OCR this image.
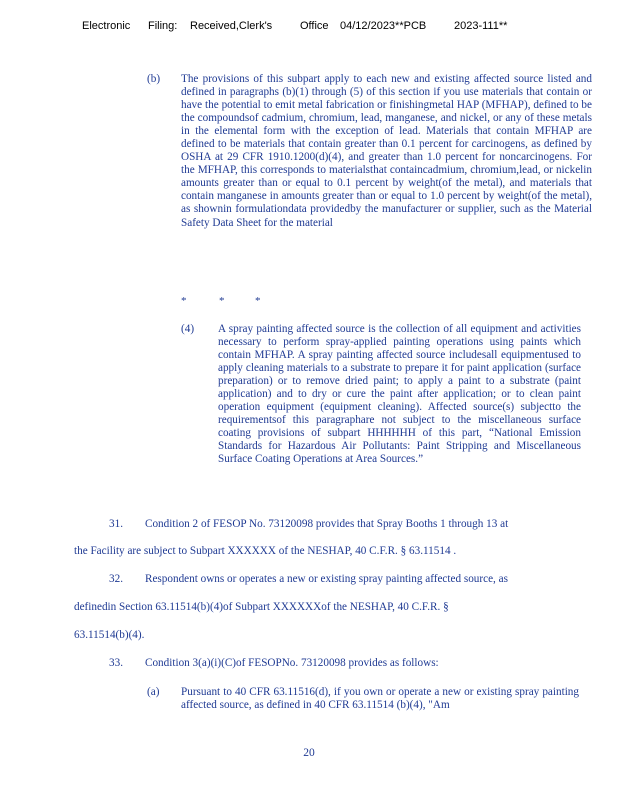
Electronic Filing: Received,Clerk's	Office 04/12/2023**PCB	2023-111**
(b) The provisions of this subpart apply to each new and existing affected source listed and defined in paragraphs (b)(1) through (5) of this section if you use materials that contain or have the potential to emit metal fabrication or finishingmetal HAP (MFHAP), defined to be the compoundsof cadmium, chromium, lead, manganese, and nickel, or any of these metals in the elemental form with the exception of lead. Materials that contain MFHAP are defined to be materials that contain greater than 0.1 percent for carcinogens, as defined by OSHA at 29 CFR 1910.1200(d)(4), and greater than 1.0 percent for noncarcinogens. For the MFHAP, this corresponds to materialsthat containcadmium, chromium,lead, or nickelin amounts greater than or equal to 0.1 percent by weight(of the metal), and materials that contain manganese in amounts greater than or equal to 1.0 percent by weight(of the metal), as shownin formulationdata providedby the manufacturer or supplier, such as the Material Safety Data Sheet for the material
*	*	*
(4) A spray painting affected source is the collection of all equipment and activities necessary to perform spray-applied painting operations using paints which contain MFHAP. A spray painting affected source includesall equipmentused to apply cleaning materials to a substrate to prepare it for paint application (surface preparation) or to remove dried paint; to apply a paint to a substrate (paint application) and to dry or cure the paint after application; or to clean paint operation equipment (equipment cleaning). Affected source(s) subjectto the requirementsof this paragraphare not subject to the miscellaneous surface coating provisions of subpart HHHHHH of this part, “National Emission Standards for Hazardous Air Pollutants: Paint Stripping and Miscellaneous Surface Coating Operations at Area Sources.”
31. Condition 2 of FESOP No. 73120098 provides that Spray Booths 1 through 13 at
the Facility are subject to Subpart XXXXXX of the NESHAP, 40 C.F.R. § 63.11514 .
32. Respondent owns or operates a new or existing spray painting affected source, as
definedin Section 63.11514(b)(4)of Subpart XXXXXXof the NESHAP, 40 C.F.R. §
63.11514(b)(4).
33. Condition 3(a)(i)(C)of FESOPNo. 73120098 provides as follows:
(a) Pursuant to 40 CFR 63.11516(d), if you own or operate a new or existing spray painting affected source, as defined in 40 CFR 63.11514 (b)(4), "Am
20
